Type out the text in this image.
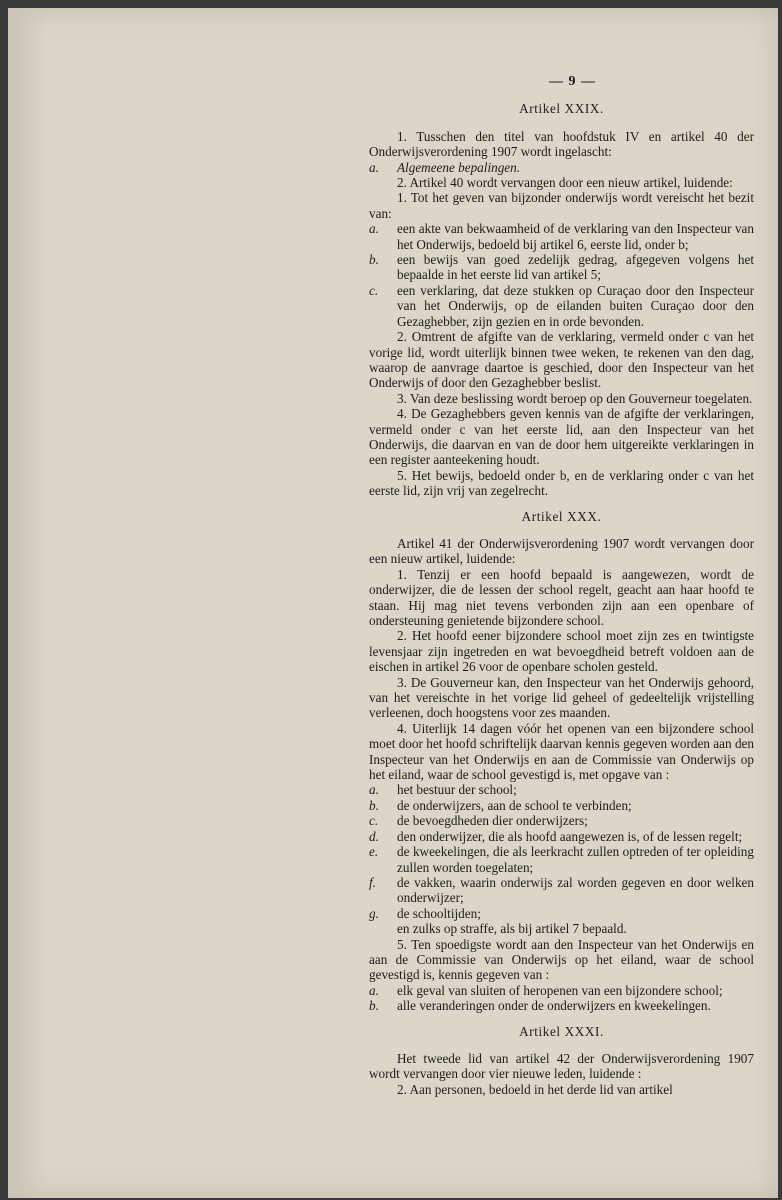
— 9 —
Artikel XXIX.

1. Tusschen den titel van hoofdstuk IV en artikel 40 der Onderwijsverordening 1907 wordt ingelascht:

a. Algemeene bepalingen.

2. Artikel 40 wordt vervangen door een nieuw artikel, luidende:

1. Tot het geven van bijzonder onderwijs wordt vereischt het bezit van:

a. een akte van bekwaamheid of de verklaring van den Inspecteur van het Onderwijs, bedoeld bij artikel 6, eerste lid, onder b;

b. een bewijs van goed zedelijk gedrag, afgegeven volgens het bepaalde in het eerste lid van artikel 5;

c. een verklaring, dat deze stukken op Curaçao door den Inspecteur van het Onderwijs, op de eilanden buiten Curaçao door den Gezaghebber, zijn gezien en in orde bevonden.

2. Omtrent de afgifte van de verklaring, vermeld onder c van het vorige lid, wordt uiterlijk binnen twee weken, te rekenen van den dag, waarop de aanvrage daartoe is geschied, door den Inspecteur van het Onderwijs of door den Gezaghebber beslist.

3. Van deze beslissing wordt beroep op den Gouverneur toegelaten.

4. De Gezaghebbers geven kennis van de afgifte der verklaringen, vermeld onder c van het eerste lid, aan den Inspecteur van het Onderwijs, die daarvan en van de door hem uitgereikte verklaringen in een register aanteekening houdt.

5. Het bewijs, bedoeld onder b, en de verklaring onder c van het eerste lid, zijn vrij van zegelrecht.

Artikel XXX.

Artikel 41 der Onderwijsverordening 1907 wordt vervangen door een nieuw artikel, luidende:

1. Tenzij er een hoofd bepaald is aangewezen, wordt de onderwijzer, die de lessen der school regelt, geacht aan haar hoofd te staan. Hij mag niet tevens verbonden zijn aan een openbare of ondersteuning genietende bijzondere school.

2. Het hoofd eener bijzondere school moet zijn zes en twintigste levensjaar zijn ingetreden en wat bevoegdheid betreft voldoen aan de eischen in artikel 26 voor de openbare scholen gesteld.

3. De Gouverneur kan, den Inspecteur van het Onderwijs gehoord, van het vereischte in het vorige lid geheel of gedeeltelijk vrijstelling verleenen, doch hoogstens voor zes maanden.

4. Uiterlijk 14 dagen vóór het openen van een bijzondere school moet door het hoofd schriftelijk daarvan kennis gegeven worden aan den Inspecteur van het Onderwijs en aan de Commissie van Onderwijs op het eiland, waar de school gevestigd is, met opgave van :

a. het bestuur der school;

b. de onderwijzers, aan de school te verbinden;

c. de bevoegdheden dier onderwijzers;

d. den onderwijzer, die als hoofd aangewezen is, of de lessen regelt;

e. de kweekelingen, die als leerkracht zullen optreden of ter opleiding zullen worden toegelaten;

f. de vakken, waarin onderwijs zal worden gegeven en door welken onderwijzer;

g. de schooltijden;

en zulks op straffe, als bij artikel 7 bepaald.

5. Ten spoedigste wordt aan den Inspecteur van het Onderwijs en aan de Commissie van Onderwijs op het eiland, waar de school gevestigd is, kennis gegeven van :

a. elk geval van sluiten of heropenen van een bijzondere school;

b. alle veranderingen onder de onderwijzers en kweekelingen.

Artikel XXXI.

Het tweede lid van artikel 42 der Onderwijsverordening 1907 wordt vervangen door vier nieuwe leden, luidende :

2. Aan personen, bedoeld in het derde lid van artikel
